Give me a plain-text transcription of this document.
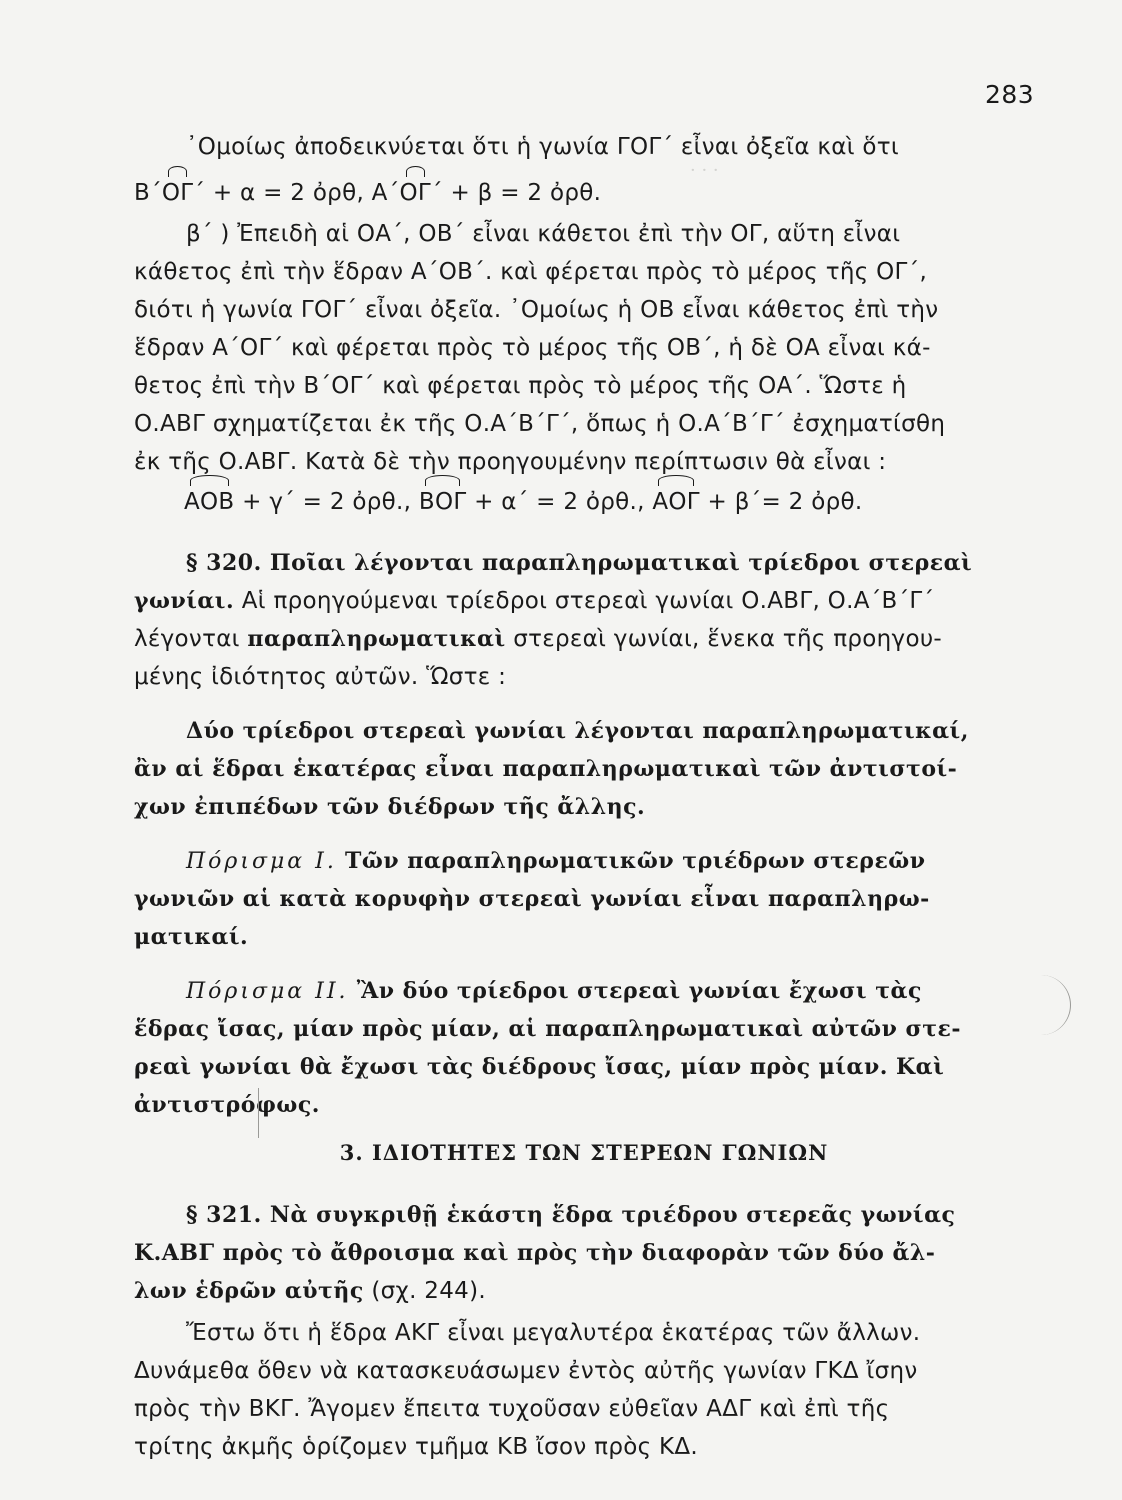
· · ·
283
᾿Ομοίως ἀποδεικνύεται ὅτι ἡ γωνία ΓΟΓ΄ εἶναι ὀξεῖα καὶ ὅτι
Β΄ΟΓ΄ + α = 2 ὀρθ, Α΄ΟΓ΄ + β = 2 ὀρθ.
β΄ ) Ἐπειδὴ αἱ ΟΑ΄, ΟΒ΄ εἶναι κάθετοι ἐπὶ τὴν ΟΓ, αὕτη εἶναι
κάθετος ἐπὶ τὴν ἕδραν Α΄ΟΒ΄. καὶ φέρεται πρὸς τὸ μέρος τῆς ΟΓ΄,
διότι ἡ γωνία ΓΟΓ΄ εἶναι ὀξεῖα. ᾿Ομοίως ἡ ΟΒ εἶναι κάθετος ἐπὶ τὴν
ἕδραν Α΄ΟΓ΄ καὶ φέρεται πρὸς τὸ μέρος τῆς ΟΒ΄, ἡ δὲ ΟΑ εἶναι κά-
θετος ἐπὶ τὴν Β΄ΟΓ΄ καὶ φέρεται πρὸς τὸ μέρος τῆς ΟΑ΄. Ὥστε ἡ
Ο.ΑΒΓ σχηματίζεται ἐκ τῆς Ο.Α΄Β΄Γ΄, ὅπως ἡ Ο.Α΄Β΄Γ΄ ἐσχηματίσθη
ἐκ τῆς Ο.ΑΒΓ. Κατὰ δὲ τὴν προηγουμένην περίπτωσιν θὰ εἶναι :
ΑΟΒ + γ΄ = 2 ὀρθ., ΒΟΓ + α΄ = 2 ὀρθ., ΑΟΓ + β΄= 2 ὀρθ.
§ 320. Ποῖαι λέγονται παραπληρωματικαὶ τρίεδροι στερεαὶ
γωνίαι. Αἱ προηγούμεναι τρίεδροι στερεαὶ γωνίαι Ο.ΑΒΓ, Ο.Α΄Β΄Γ΄
λέγονται παραπληρωματικαὶ στερεαὶ γωνίαι, ἕνεκα τῆς προηγου-
μένης ἰδιότητος αὐτῶν. Ὥστε :
Δύο τρίεδροι στερεαὶ γωνίαι λέγονται παραπληρωματικαί,
ἂν αἱ ἕδραι ἑκατέρας εἶναι παραπληρωματικαὶ τῶν ἀντιστοί-
χων ἐπιπέδων τῶν διέδρων τῆς ἄλλης.
Πόρισμα Ι. Τῶν παραπληρωματικῶν τριέδρων στερεῶν
γωνιῶν αἱ κατὰ κορυφὴν στερεαὶ γωνίαι εἶναι παραπληρω-
ματικαί.
Πόρισμα ΙΙ. Ἂν δύο τρίεδροι στερεαὶ γωνίαι ἔχωσι τὰς
ἕδρας ἴσας, μίαν πρὸς μίαν, αἱ παραπληρωματικαὶ αὐτῶν στε-
ρεαὶ γωνίαι θὰ ἔχωσι τὰς διέδρους ἴσας, μίαν πρὸς μίαν. Καὶ
ἀντιστρόφως.
3. ΙΔΙΟΤΗΤΕΣ ΤΩΝ ΣΤΕΡΕΩΝ ΓΩΝΙΩΝ
§ 321. Νὰ συγκριθῇ ἑκάστη ἕδρα τριέδρου στερεᾶς γωνίας
Κ.ΑΒΓ πρὸς τὸ ἄθροισμα καὶ πρὸς τὴν διαφορὰν τῶν δύο ἄλ-
λων ἑδρῶν αὐτῆς (σχ. 244).
Ἔστω ὅτι ἡ ἕδρα ΑΚΓ εἶναι μεγαλυτέρα ἑκατέρας τῶν ἄλλων.
Δυνάμεθα ὅθεν νὰ κατασκευάσωμεν ἐντὸς αὐτῆς γωνίαν ΓΚΔ ἴσην
πρὸς τὴν ΒΚΓ. Ἄγομεν ἔπειτα τυχοῦσαν εὐθεῖαν ΑΔΓ καὶ ἐπὶ τῆς
τρίτης ἀκμῆς ὁρίζομεν τμῆμα ΚΒ ἴσον πρὸς ΚΔ.
